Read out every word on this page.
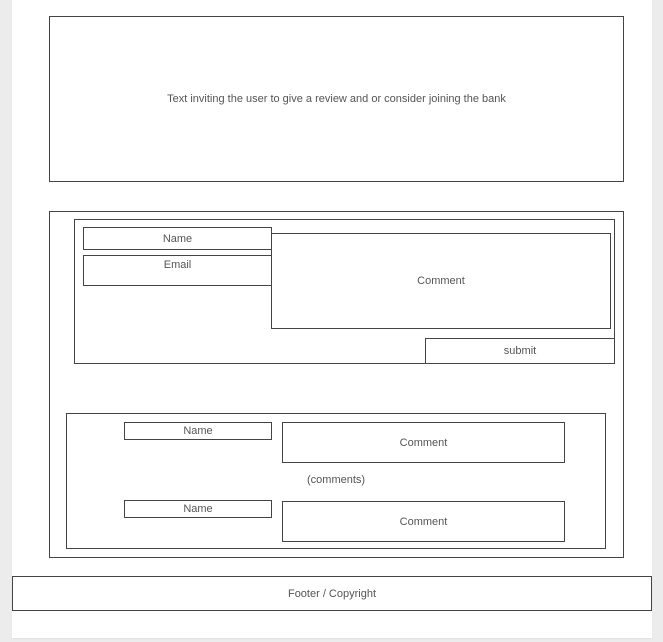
Text inviting the user to give a review and or consider joining the bank
Comment
Name
Email
submit
Name
Comment
(comments)
Name
Comment
Footer / Copyright
